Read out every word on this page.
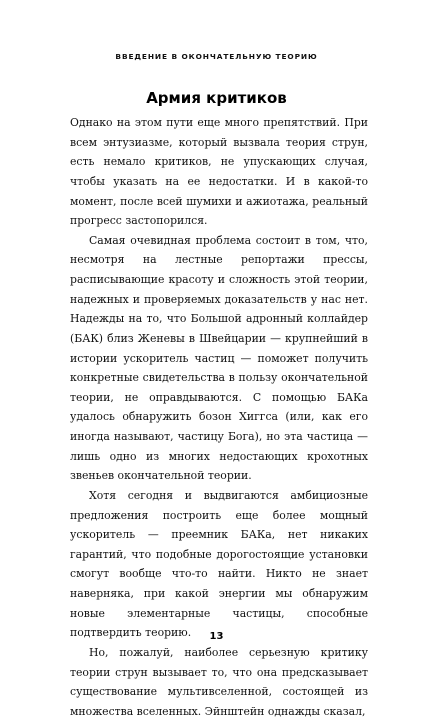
ВВЕДЕНИЕ В ОКОНЧАТЕЛЬНУЮ ТЕОРИЮ
Армия критиков

Однако на этом пути еще много препятствий. При всем энтузиазме, который вызвала теория струн, есть немало критиков, не упускающих случая, чтобы указать на ее недостатки. И в какой-то момент, после всей шумихи и ажиотажа, реальный прогресс застопорился.

Самая очевидная проблема состоит в том, что, несмотря на лестные репортажи прессы, расписывающие красоту и сложность этой теории, надежных и проверяемых доказательств у нас нет. Надежды на то, что Большой адронный коллайдер (БАК) близ Женевы в Швейцарии — крупнейший в истории ускоритель частиц — поможет получить конкретные свидетельства в пользу окончательной теории, не оправдываются. С помощью БАКа удалось обнаружить бозон Хиггса (или, как его иногда называют, частицу Бога), но эта частица — лишь одно из многих недостающих крохотных звеньев окончательной теории.

Хотя сегодня и выдвигаются амбициозные предложения построить еще более мощный ускоритель — преемник БАКа, нет никаких гарантий, что подобные дорогостоящие установки смогут вообще что-то найти. Никто не знает наверняка, при какой энергии мы обнаружим новые элементарные частицы, способные подтвердить теорию.

Но, пожалуй, наиболее серьезную критику теории струн вызывает то, что она предсказывает существование мультивселенной, состоящей из множества вселенных. Эйнштейн однажды сказал,

13
